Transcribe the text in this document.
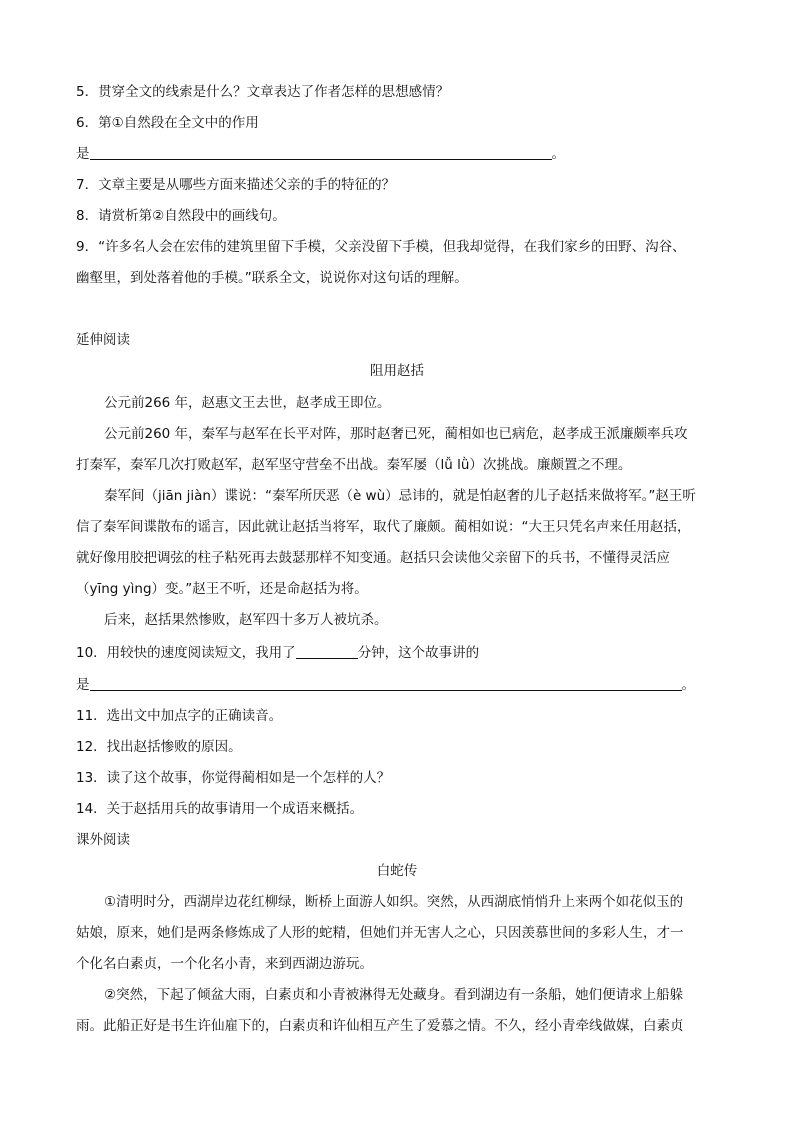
5．贯穿全文的线索是什么？文章表达了作者怎样的思想感情？
6．第①自然段在全文中的作用
是	。
7．文章主要是从哪些方面来描述父亲的手的特征的？
8．请赏析第②自然段中的画线句。
9．“许多名人会在宏伟的建筑里留下手模，父亲没留下手模，但我却觉得，在我们家乡的田野、沟谷、
幽壑里，到处落着他的手模。”联系全文，说说你对这句话的理解。
延伸阅读
阻用赵括
公元前266 年，赵惠文王去世，赵孝成王即位。
公元前260 年，秦军与赵军在长平对阵，那时赵奢已死，蔺相如也已病危，赵孝成王派廉颇率兵攻
打秦军，秦军几次打败赵军，赵军坚守营垒不出战。秦军屡（lǚ lǜ）次挑战。廉颇置之不理。
秦军间（jiān jiàn）谍说：“秦军所厌恶（è wù）忌讳的，就是怕赵奢的儿子赵括来做将军。”赵王听
信了秦军间谍散布的谣言，因此就让赵括当将军，取代了廉颇。蔺相如说：“大王只凭名声来任用赵括，
就好像用胶把调弦的柱子粘死再去鼓瑟那样不知变通。赵括只会读他父亲留下的兵书，不懂得灵活应
（yīng yìng）变。”赵王不听，还是命赵括为将。
后来，赵括果然惨败，赵军四十多万人被坑杀。
10．用较快的速度阅读短文，我用了	分钟，这个故事讲的
是	。
11．选出文中加点字的正确读音。
12．找出赵括惨败的原因。
13．读了这个故事，你觉得蔺相如是一个怎样的人？
14．关于赵括用兵的故事请用一个成语来概括。
课外阅读
白蛇传
①清明时分，西湖岸边花红柳绿，断桥上面游人如织。突然，从西湖底悄悄升上来两个如花似玉的
姑娘，原来，她们是两条修炼成了人形的蛇精，但她们并无害人之心，只因羡慕世间的多彩人生，才一
个化名白素贞，一个化名小青，来到西湖边游玩。
②突然，下起了倾盆大雨，白素贞和小青被淋得无处藏身。看到湖边有一条船，她们便请求上船躲
雨。此船正好是书生许仙雇下的，白素贞和许仙相互产生了爱慕之情。不久，经小青牵线做媒，白素贞
